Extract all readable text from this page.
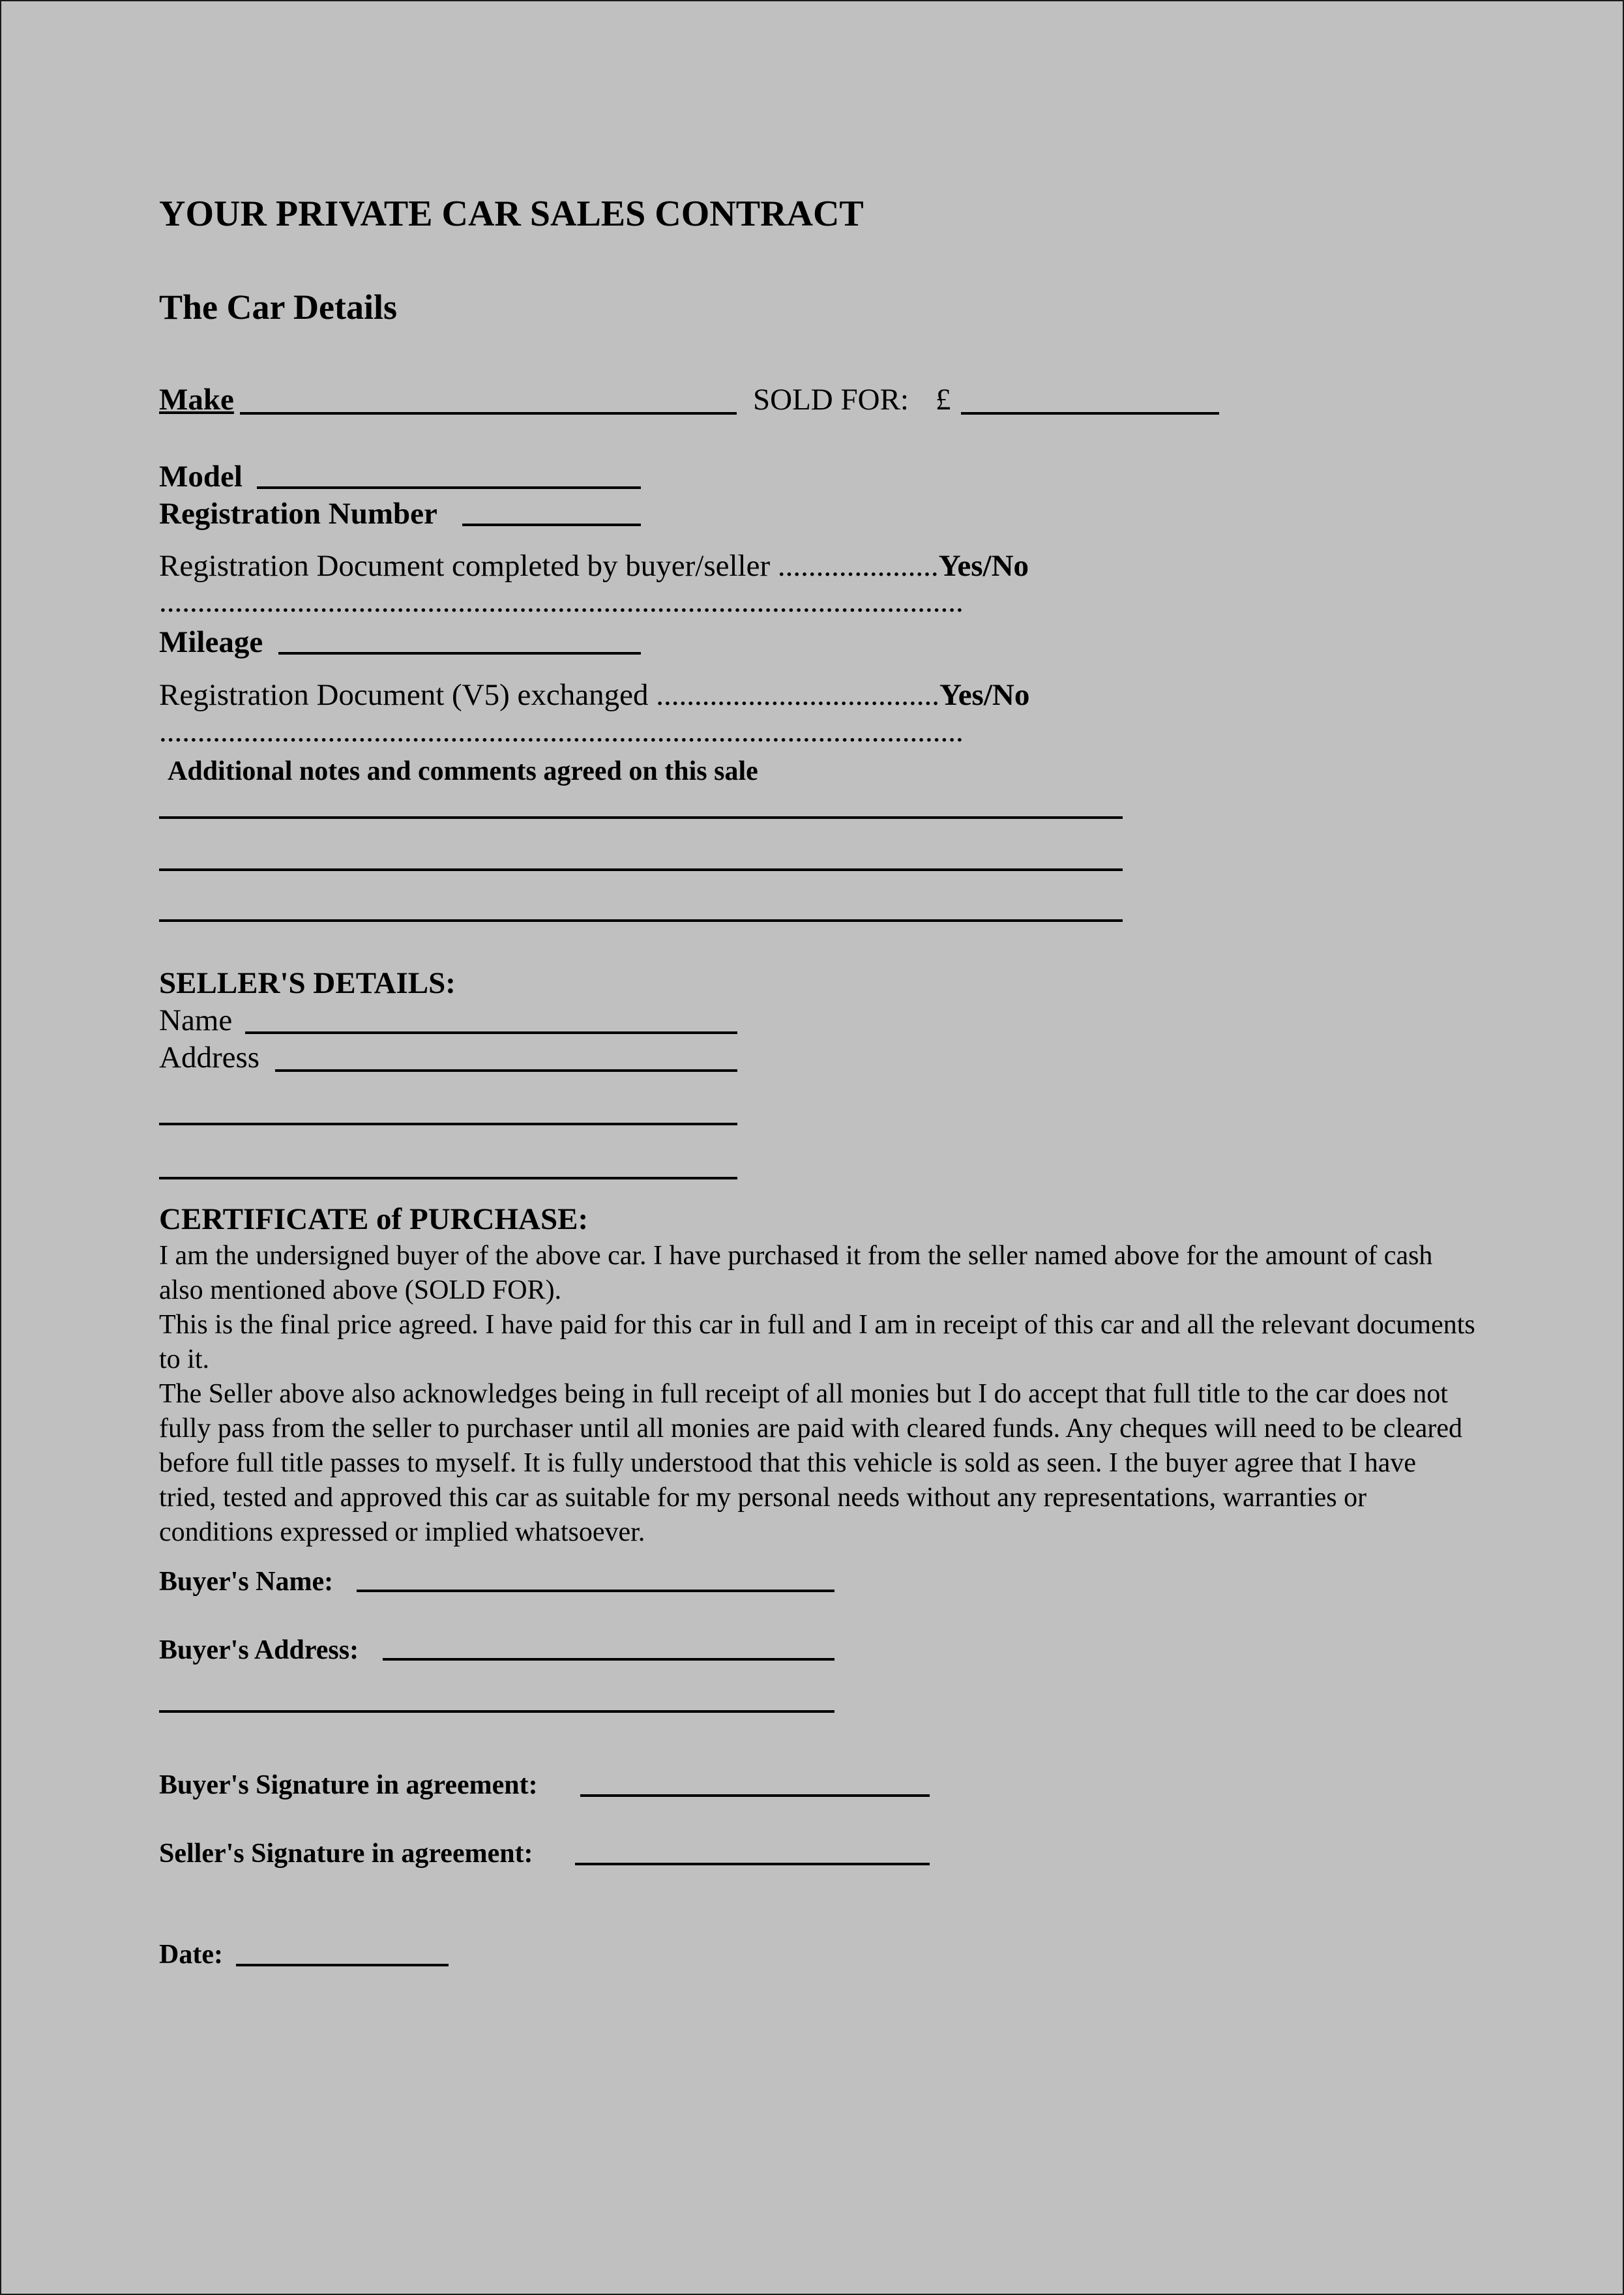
YOUR PRIVATE CAR SALES CONTRACT
The Car Details
Make	SOLD FOR: £
Model
Registration Number
Registration Document completed by buyer/seller .....................Yes/No
.........................................................................................................
Mileage
Registration Document (V5) exchanged .....................................Yes/No
.........................................................................................................
Additional notes and comments agreed on this sale
SELLER'S DETAILS:
Name
Address
CERTIFICATE of PURCHASE:

I am the undersigned buyer of the above car. I have purchased it from the seller named above for the amount of cash also mentioned above (SOLD FOR).

This is the final price agreed. I have paid for this car in full and I am in receipt of this car and all the relevant documents to it.

The Seller above also acknowledges being in full receipt of all monies but I do accept that full title to the car does not fully pass from the seller to purchaser until all monies are paid with cleared funds. Any cheques will need to be cleared before full title passes to myself. It is fully understood that this vehicle is sold as seen. I the buyer agree that I have tried, tested and approved this car as suitable for my personal needs without any representations, warranties or conditions expressed or implied whatsoever.

Buyer's Name:
Buyer's Address:
Buyer's Signature in agreement:
Seller's Signature in agreement:
Date:
